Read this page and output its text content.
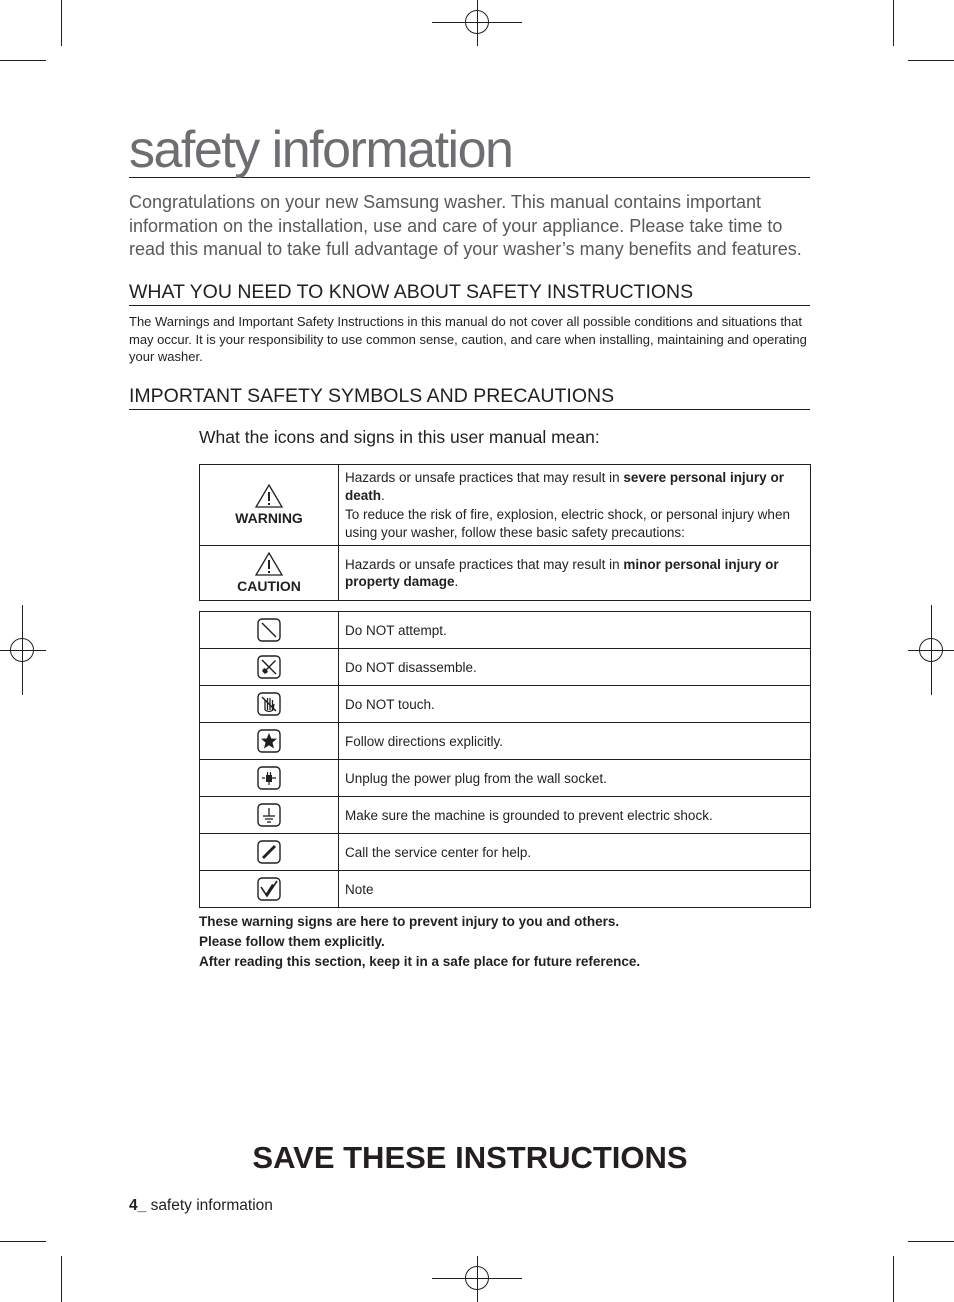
safety information

Congratulations on your new Samsung washer. This manual contains important information on the installation, use and care of your appliance. Please take time to read this manual to take full advantage of your washer’s many benefits and features.

WHAT YOU NEED TO KNOW ABOUT SAFETY INSTRUCTIONS

The Warnings and Important Safety Instructions in this manual do not cover all possible conditions and situations that may occur. It is your responsibility to use common sense, caution, and care when installing, maintaining and operating your washer.

IMPORTANT SAFETY SYMBOLS AND PRECAUTIONS

What the icons and signs in this user manual mean:

WARNING	Hazards or unsafe practices that may result in severe personal injury or death.
To reduce the risk of fire, explosion, electric shock, or personal injury when using your washer, follow these basic safety precautions:

CAUTION	Hazards or unsafe practices that may result in minor personal injury or property damage.
	Do NOT attempt.
	Do NOT disassemble.
	Do NOT touch.
	Follow directions explicitly.
	Unplug the power plug from the wall socket.
	Make sure the machine is grounded to prevent electric shock.
	Call the service center for help.
	Note
These warning signs are here to prevent injury to you and others.
Please follow them explicitly.
After reading this section, keep it in a safe place for future reference.

SAVE THESE INSTRUCTIONS

4_ safety information
